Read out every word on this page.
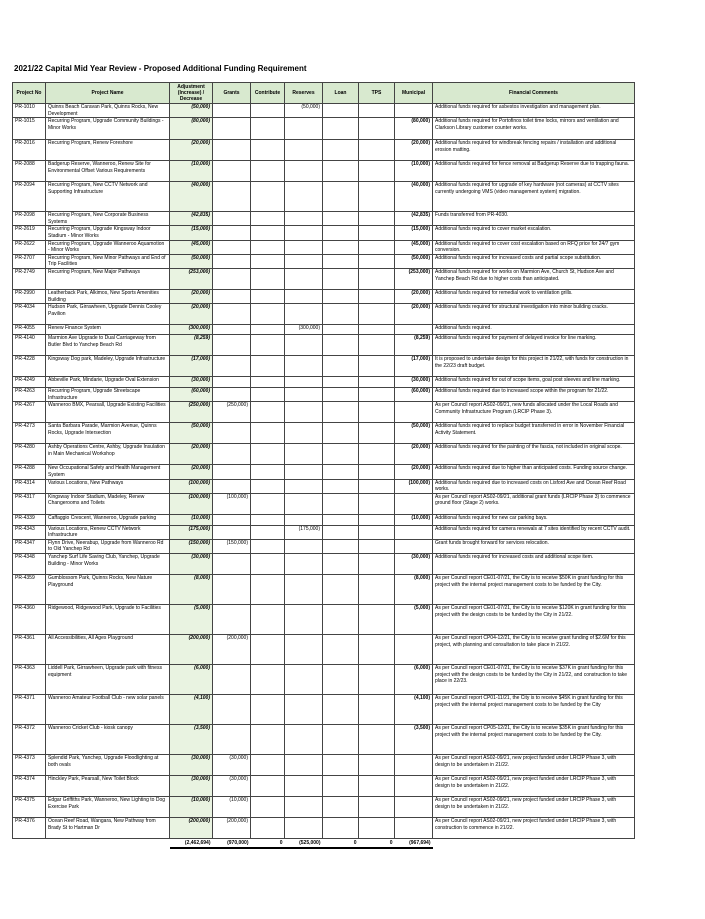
2021/22 Capital Mid Year Review - Proposed Additional Funding Requirement
Project No	Project Name	Adjustment (Increase) / Decrease	Grants	Contribute	Reserves	Loan	TPS	Municipal	Financial Comments
PR-1010	Quinns Beach Caravan Park, Quinns Rocks, New Development	(50,000)			(50,000)				Additional funds required for asbestos investigation and management plan.
PR-1015	Recurring Program, Upgrade Community Buildings - Minor Works	(80,000)						(80,000)	Additional funds required for Portofinos toilet time locks, mirrors and ventilation and Clarkson Library customer counter works.
PR-2016	Recurring Program, Renew Foreshore	(20,000)						(20,000)	Additional funds required for windbreak fencing repairs / installation and additional erosion matting.
PR-2088	Badgerup Reserve, Wanneroo, Renew Site for Environmental Offset Various Requirements	(10,000)						(10,000)	Additional funds required for fence removal at Badgerup Reserve due to trapping fauna.
PR-2094	Recurring Program, New CCTV Network and Supporting Infrastructure	(40,000)						(40,000)	Additional funds required for upgrade of key hardware (not cameras) at CCTV sites currently undergoing VMS (video management system) migration.
PR-2098	Recurring Program, New Corporate Business Systems	(42,835)						(42,835)	Funds transferred from PR-4030.
PR-2619	Recurring Program, Upgrade Kingsway Indoor Stadium - Minor Works	(15,000)						(15,000)	Additional funds required to cover market escalation.
PR-2622	Recurring Program, Upgrade Wanneroo Aquamotion - Minor Works	(45,000)						(45,000)	Additional funds required to cover cost escalation based on RFQ price for 24/7 gym conversion.
PR-2707	Recurring Program, New Minor Pathways and End of Trip Facilities	(50,000)						(50,000)	Additional funds required for increased costs and partial scope substitution.
PR-2749	Recurring Program, New Major Pathways	(253,000)						(253,000)	Additional funds required for works on Marmion Ave, Church St, Hudson Ave and Yanchep Beach Rd due to higher costs than anticipated.
PR-2990	Leatherback Park, Alkimos, New Sports Amenities Building	(20,000)						(20,000)	Additional funds required for remedial work to ventilation grills.
PR-4034	Hudson Park, Girrawheen, Upgrade Dennis Cooley Pavilion	(20,000)						(20,000)	Additional funds required for structural investigation into minor building cracks.
PR-4055	Renew Finance System	(300,000)			(300,000)				Additional funds required.
PR-4140	Marmion Ave Upgrade to Dual Carriageway from Butler Blvd to Yanchep Beach Rd	(8,259)						(8,259)	Additional funds required for payment of delayed invoice for line marking.
PR-4228	Kingsway Dog park, Madeley, Upgrade Infrastructure	(17,000)						(17,000)	It is proposed to undertake design for this project in 21/22, with funds for construction in the 22/23 draft budget.
PR-4249	Abbeville Park, Mindarie, Upgrade Oval Extension	(30,000)						(30,000)	Additional funds required for out of scope items, goal post sleeves and line marking.
PR-4263	Recurring Program, Upgrade Streetscape Infrastructure	(60,000)						(60,000)	Additional funds required due to increased scope within the program for 21/22.
PR-4267	Wanneroo BMX, Pearsall, Upgrade Existing Facilities	(250,000)	(250,000)						As per Council report AS02-09/21, new funds allocated under the Local Roads and Community Infrastructure Program (LRCIP Phase 3).
PR-4273	Santa Barbara Parade, Marmion Avenue, Quinns Rocks, Upgrade Intersection	(50,000)						(50,000)	Additional funds required to replace budget transferred in error in November Financial Activity Statement.
PR-4280	Ashby Operations Centre, Ashby, Upgrade Insulation in Main Mechanical Workshop	(20,000)						(20,000)	Additional funds required for the painting of the fascia, not included in original scope.
PR-4288	New Occupational Safety and Health Management System	(20,000)						(20,000)	Additional funds required due to higher than anticipated costs. Funding source change.
PR-4314	Various Locations, New Pathways	(100,000)						(100,000)	Additional funds required due to increased costs on Lisford Ave and Ocean Reef Road works.
PR-4317	Kingsway Indoor Stadium, Madeley, Renew Changerooms and Toilets	(100,000)	(100,000)						As per Council report AS02-09/21, additional grant funds (LRCIP Phase 3) to commence ground floor (Stage 2) works.
PR-4339	Caffaggio Crescent, Wanneroo, Upgrade parking	(10,000)						(10,000)	Additional funds required for new car parking bays.
PR-4343	Various Locations, Renew CCTV Network Infrastructure	(175,000)			(175,000)				Additional funds required for camera renewals at 7 sites identified by recent CCTV audit.
PR-4347	Flynn Drive, Neerabup, Upgrade from Wanneroo Rd to Old Yanchep Rd	(150,000)	(150,000)						Grant funds brought forward for services relocation.
PR-4348	Yanchep Surf Life Saving Club, Yanchep, Upgrade Building - Minor Works	(30,000)						(30,000)	Additional funds required for increased costs and additional scope item.
PR-4359	Gumblossom Park, Quinns Rocks, New Nature Playground	(8,000)						(8,000)	As per Council report CE01-07/21, the City is to receive $50K in grant funding for this project with the internal project management costs to be funded by the City.
PR-4360	Ridgewood, Ridgewood Park, Upgrade to Facilities	(5,000)						(5,000)	As per Council report CE01-07/21, the City is to receive $120K in grant funding for this project with the design costs to be funded by the City in 21/22.
PR-4361	All Accessibilities, All Ages Playground	(200,000)	(200,000)						As per Council report CP04-12/21, the City is to receive grant funding of $2.6M for this project, with planning and consultation to take place in 21/22.
PR-4363	Liddell Park, Girrawheen, Upgrade park with fitness equipment	(6,000)						(6,000)	As per Council report CE01-07/21, the City is to receive $37K in grant funding for this project with the design costs to be funded by the City in 21/22, and construction to take place in 22/23.
PR-4371	Wanneroo Amateur Football Club - new solar panels	(4,100)						(4,100)	As per Council report CP01-11/21, the City is to receive $45K in grant funding for this project with the internal project management costs to be funded by the City
PR-4372	Wanneroo Cricket Club - kiosk canopy	(3,500)						(3,500)	As per Council report CP05-12/21, the City is to receive $35K in grant funding for this project with the internal project management costs to be funded by the City.
PR-4373	Splendid Park, Yanchep, Upgrade Floodlighting at both ovals	(30,000)	(30,000)						As per Council report AS02-09/21, new project funded under LRCIP Phase 3, with design to be undertaken in 21/22.
PR-4374	Hinckley Park, Pearsall, New Toilet Block	(30,000)	(30,000)						As per Council report AS02-09/21, new project funded under LRCIP Phase 3, with design to be undertaken in 21/22.
PR-4375	Edgar Griffiths Park, Wanneroo, New Lighting to Dog Exercise Park	(10,000)	(10,000)						As per Council report AS02-09/21, new project funded under LRCIP Phase 3, with design to be undertaken in 21/22.
PR-4376	Ocean Reef Road, Wangara, New Pathway from Brady St to Hartman Dr	(200,000)	(200,000)						As per Council report AS02-09/21, new project funded under LRCIP Phase 3, with construction to commence in 21/22.
		(2,462,694)	(970,000)	0	(525,000)	0	0	(967,694)	
